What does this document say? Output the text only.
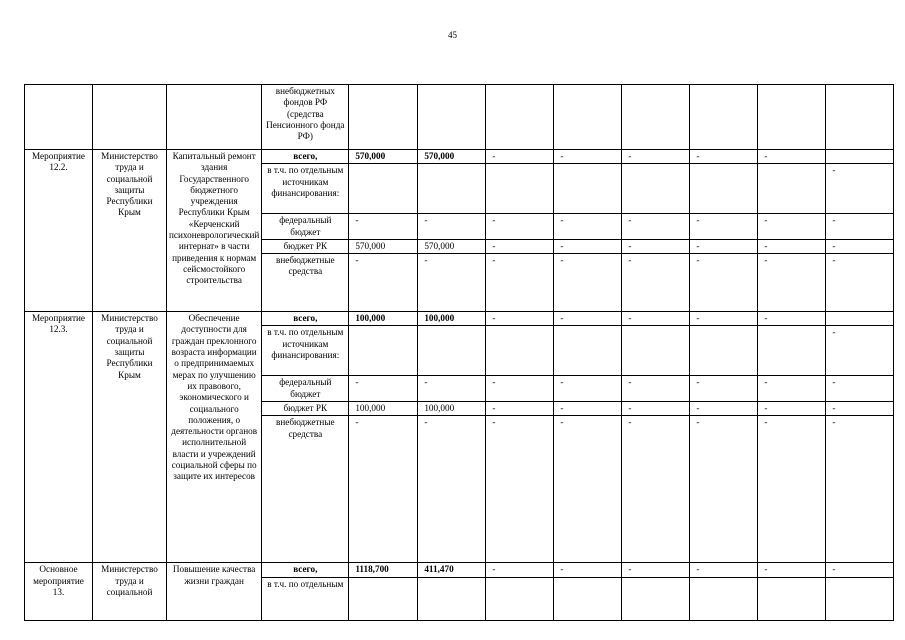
45
			внебюджетных фондов РФ (средства Пенсионного фонда РФ)								
Мероприятие 12.2.	Министерство труда и социальной защиты Республики Крым	Капитальный ремонт здания Государственного бюджетного учреждения Республики Крым «Керченский психоневрологический интернат» в части приведения к нормам сейсмостойкого строительства	всего,	570,000	570,000	-	-	-	-	-	
			в т.ч. по отдельным источникам финансирования:								-
			федеральный бюджет	-	-	-	-	-	-	-	-
			бюджет РК	570,000	570,000	-	-	-	-	-	-
			внебюджетные средства	-	-	-	-	-	-	-	-
Мероприятие 12.3.	Министерство труда и социальной защиты Республики Крым	Обеспечение доступности для граждан преклонного возраста информации о предпринимаемых мерах по улучшению их правового, экономического и социального положения, о деятельности органов исполнительной власти и учреждений социальной сферы по защите их интересов	всего,	100,000	100,000	-	-	-	-	-	
			в т.ч. по отдельным источникам финансирования:								-
			федеральный бюджет	-	-	-	-	-	-	-	-
			бюджет РК	100,000	100,000	-	-	-	-	-	-
			внебюджетные средства	-	-	-	-	-	-	-	-
Основное мероприятие 13.	Министерство труда и социальной	Повышение качества жизни граждан	всего,	1118,700	411,470	-	-	-	-	-	-
			в т.ч. по отдельным								
